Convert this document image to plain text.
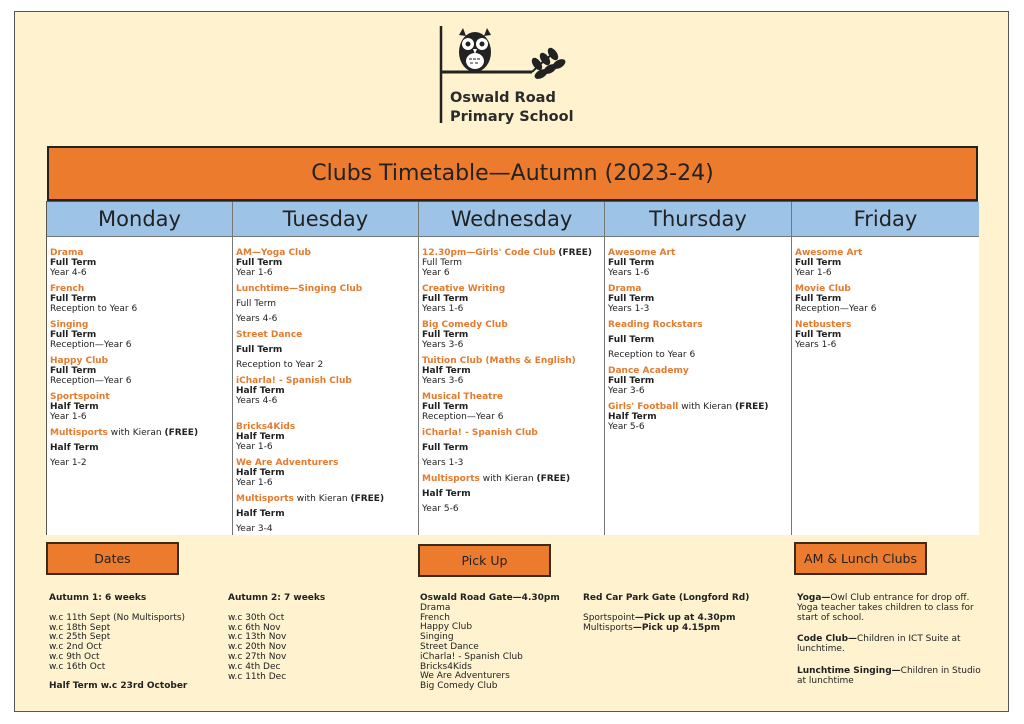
Oswald Road
Primary School
Clubs Timetable—Autumn (2023-24)
Monday
Drama
Full Term
Year 4-6
French
Full Term
Reception to Year 6
Singing
Full Term
Reception—Year 6
Happy Club
Full Term
Reception—Year 6
Sportspoint
Half Term
Year 1-6
Multisports with Kieran (FREE)
Half Term
Year 1-2
Tuesday
AM—Yoga Club
Full Term
Year 1-6
Lunchtime—Singing Club
Full Term
Years 4-6
Street Dance
Full Term
Reception to Year 2
iCharla! - Spanish Club
Half Term
Years 4-6
Bricks4Kids
Half Term
Year 1-6
We Are Adventurers
Half Term
Year 1-6
Multisports with Kieran (FREE)
Half Term
Year 3-4
Wednesday
12.30pm—Girls' Code Club (FREE)
Full Term
Year 6
Creative Writing
Full Term
Years 1-6
Big Comedy Club
Full Term
Years 3-6
Tuition Club (Maths & English)
Half Term
Years 3-6
Musical Theatre
Full Term
Reception—Year 6
iCharla! - Spanish Club
Full Term
Years 1-3
Multisports with Kieran (FREE)
Half Term
Year 5-6
Thursday
Awesome Art
Full Term
Years 1-6
Drama
Full Term
Years 1-3
Reading Rockstars
Full Term
Reception to Year 6
Dance Academy
Full Term
Year 3-6
Girls' Football with Kieran (FREE)
Half Term
Year 5-6
Friday
Awesome Art
Full Term
Year 1-6
Movie Club
Full Term
Reception—Year 6
Netbusters
Full Term
Years 1-6
Dates	Pick Up	AM & Lunch Clubs
Autumn 1: 6 weeks
w.c 11th Sept (No Multisports)
w.c 18th Sept
w.c 25th Sept
w.c 2nd Oct
w.c 9th Oct
w.c 16th Oct
Half Term w.c 23rd October
Autumn 2: 7 weeks
w.c 30th Oct
w.c 6th Nov
w.c 13th Nov
w.c 20th Nov
w.c 27th Nov
w.c 4th Dec
w.c 11th Dec
Oswald Road Gate—4.30pm
Drama
French
Happy Club
Singing
Street Dance
iCharla! - Spanish Club
Bricks4Kids
We Are Adventurers
Big Comedy Club
Red Car Park Gate (Longford Rd)
Sportspoint—Pick up at 4.30pm
Multisports—Pick up 4.15pm

Yoga—Owl Club entrance for drop off. Yoga teacher takes children to class for start of school.

Code Club—Children in ICT Suite at lunchtime.

Lunchtime Singing—Children in Studio at lunchtime
